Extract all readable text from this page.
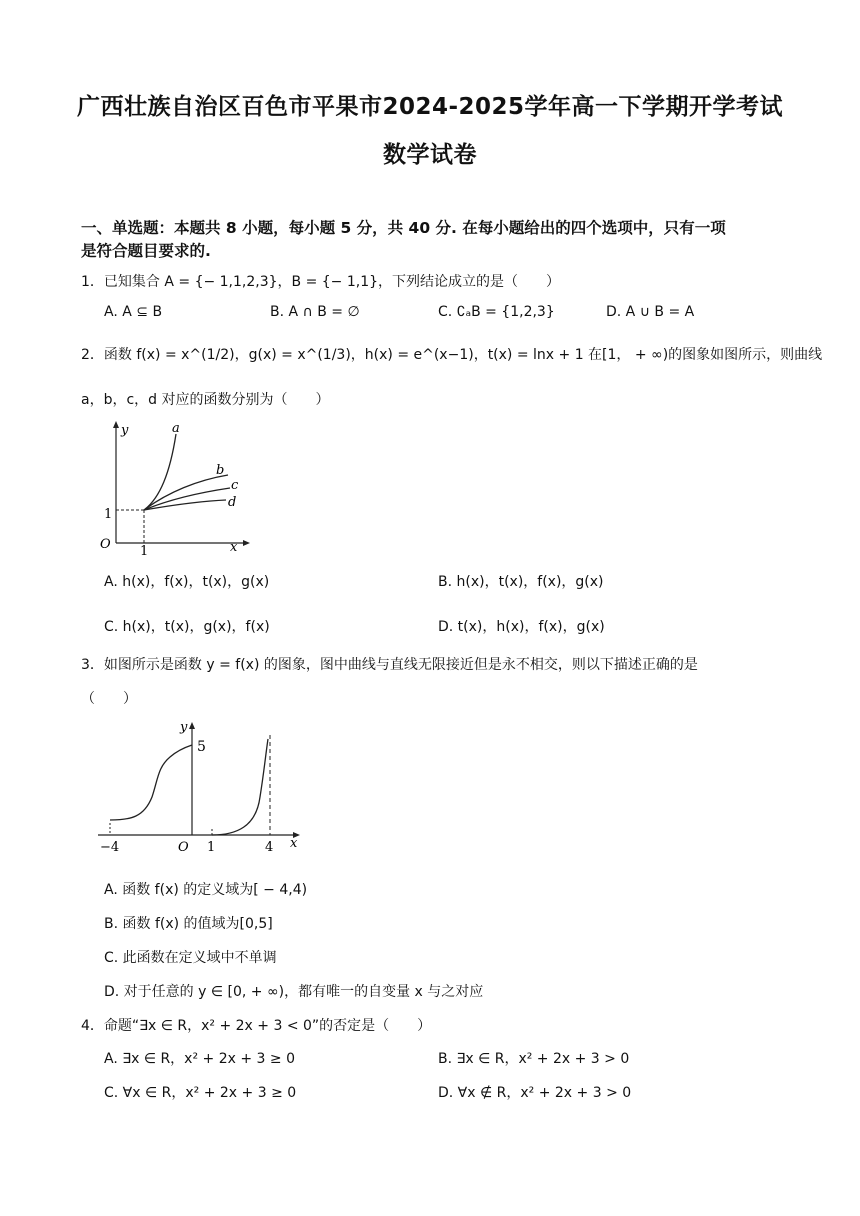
广西壮族自治区百色市平果市2024-2025学年高一下学期开学考试
数学试卷
一、单选题：本题共 8 小题，每小题 5 分，共 40 分. 在每小题给出的四个选项中，只有一项
是符合题目要求的.
1．已知集合 A = {− 1,1,2,3}，B = {− 1,1}，下列结论成立的是（　　）
A. A ⊆ B	B. A ∩ B = ∅	C. ∁ₐB = {1,2,3}	D. A ∪ B = A
2．函数 f(x) = x^(1/2)，g(x) = x^(1/3)，h(x) = e^(x−1)，t(x) = lnx + 1 在[1， + ∞)的图象如图所示，则曲线
a，b，c，d 对应的函数分别为（　　）
y
x
O
1
1
a
b
c
d
A. h(x)，f(x)，t(x)，g(x)	B. h(x)，t(x)，f(x)，g(x)
C. h(x)，t(x)，g(x)，f(x)	D. t(x)，h(x)，f(x)，g(x)
3．如图所示是函数 y = f(x) 的图象，图中曲线与直线无限接近但是永不相交，则以下描述正确的是
（　　）
y
5
x
O
−4	1	4
A. 函数 f(x) 的定义域为[ − 4,4)
B. 函数 f(x) 的值域为[0,5]
C. 此函数在定义域中不单调
D. 对于任意的 y ∈ [0, + ∞)，都有唯一的自变量 x 与之对应
4．命题“∃x ∈ R，x² + 2x + 3 < 0”的否定是（　　）
A. ∃x ∈ R，x² + 2x + 3 ≥ 0	B. ∃x ∈ R，x² + 2x + 3 > 0
C. ∀x ∈ R，x² + 2x + 3 ≥ 0	D. ∀x ∉ R，x² + 2x + 3 > 0
